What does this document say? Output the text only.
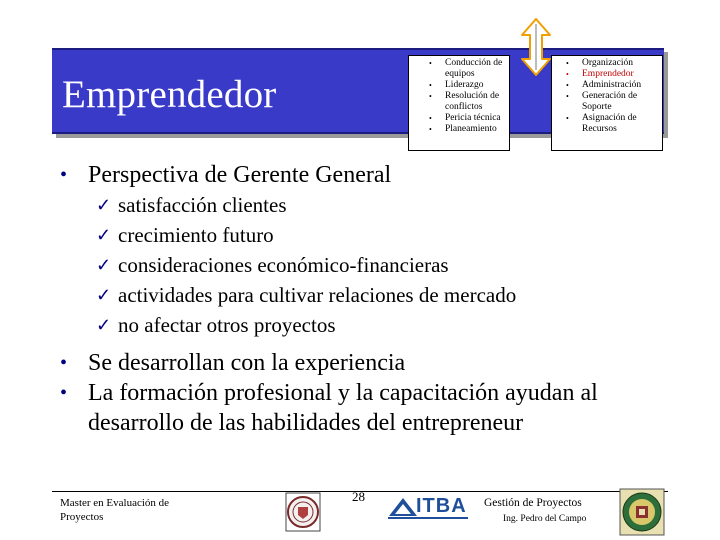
Emprendedor
• Conducción de equipos
• Liderazgo
• Resolución de conflictos
• Pericia técnica
• Planeamiento
• Organización
• Emprendedor
• Administración
• Generación de Soporte
• Asignación de Recursos

• Perspectiva de Gerente General

✓ satisfacción clientes

✓ crecimiento futuro

✓ consideraciones económico-financieras

✓ actividades para cultivar relaciones de mercado

✓ no afectar otros proyectos

• Se desarrollan con la experiencia

• La formación profesional y la capacitación ayudan al desarrollo de las habilidades del entrepreneur

Master en Evaluación de Proyectos
28	ITBA Gestión de Proyectos
Ing. Pedro del Campo
